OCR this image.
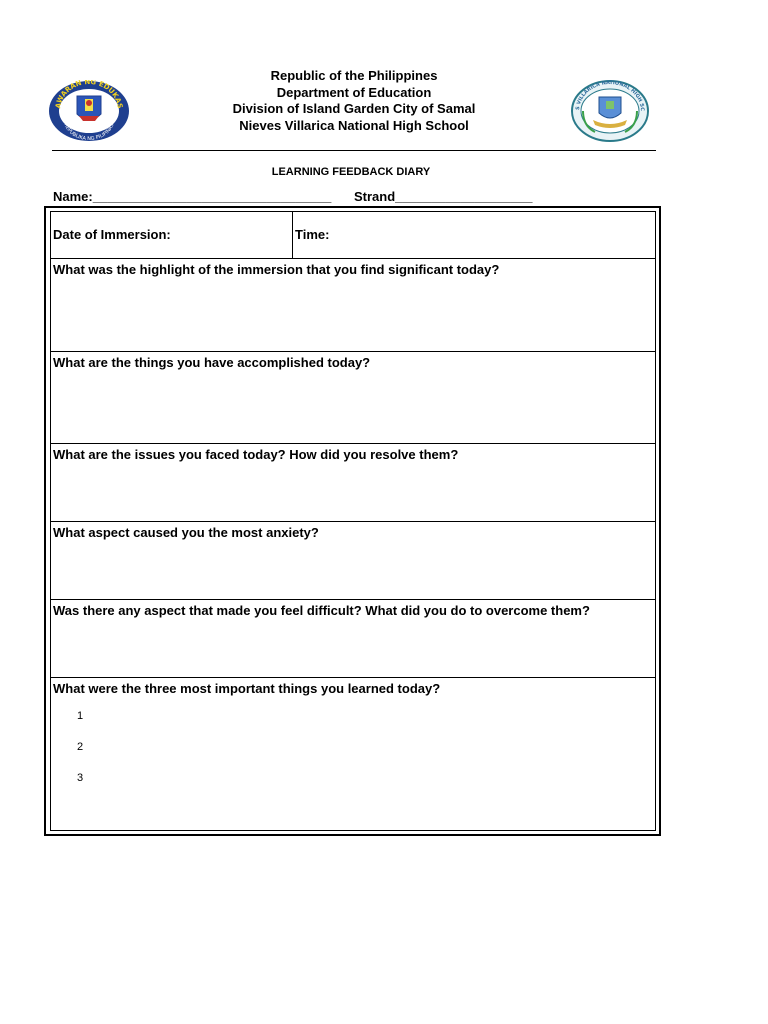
AWARAN NG EDUKAS
REPUBLIKA NG PILIPINAS
Republic of the Philippines
Department of Education
Division of Island Garden City of Samal
Nieves Villarica National High School
S VILLARICA NATIONAL HIGH SC
LEARNING FEEDBACK DIARY
Name:_________________________________ Strand___________________
Date of Immersion:	Time:
What was the highlight of the immersion that you find significant today?
What are the things you have accomplished today?
What are the issues you faced today? How did you resolve them?
What aspect caused you the most anxiety?
Was there any aspect that made you feel difficult? What did you do to overcome them?
What were the three most important things you learned today?
1
2
3
